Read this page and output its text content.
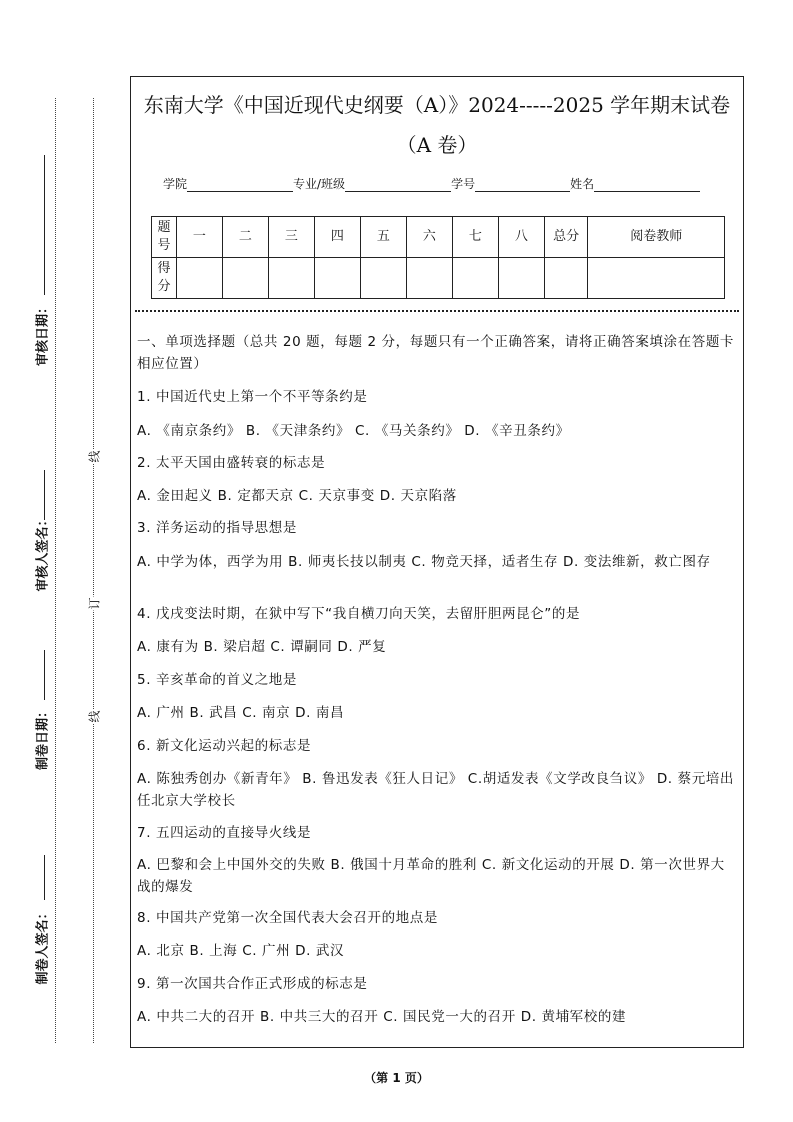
审核日期：
审核人签名：
制卷日期：
制卷人签名：
线
订
线
东南大学《中国近现代史纲要（A）》2024-----2025 学年期末试卷
（A 卷）
学院	专业/班级	学号	姓名
题号	一	二	三	四	五	六	七	八	总分	阅卷教师
得分										
一、单项选择题（总共 20 题，每题 2 分，每题只有一个正确答案，请将正确答案填涂在答题卡相应位置）
1. 中国近代史上第一个不平等条约是
A. 《南京条约》 B. 《天津条约》 C. 《马关条约》 D. 《辛丑条约》
2. 太平天国由盛转衰的标志是
A. 金田起义 B. 定都天京 C. 天京事变 D. 天京陷落
3. 洋务运动的指导思想是
A. 中学为体，西学为用 B. 师夷长技以制夷 C. 物竞天择，适者生存 D. 变法维新，救亡图存
4. 戊戌变法时期，在狱中写下“我自横刀向天笑，去留肝胆两昆仑”的是
A. 康有为 B. 梁启超 C. 谭嗣同 D. 严复
5. 辛亥革命的首义之地是
A. 广州 B. 武昌 C. 南京 D. 南昌
6. 新文化运动兴起的标志是
A. 陈独秀创办《新青年》 B. 鲁迅发表《狂人日记》 C.胡适发表《文学改良刍议》 D. 蔡元培出任北京大学校长
7. 五四运动的直接导火线是
A. 巴黎和会上中国外交的失败 B. 俄国十月革命的胜利 C. 新文化运动的开展 D. 第一次世界大战的爆发
8. 中国共产党第一次全国代表大会召开的地点是
A. 北京 B. 上海 C. 广州 D. 武汉
9. 第一次国共合作正式形成的标志是
A. 中共二大的召开 B. 中共三大的召开 C. 国民党一大的召开 D. 黄埔军校的建
（第 1 页）
